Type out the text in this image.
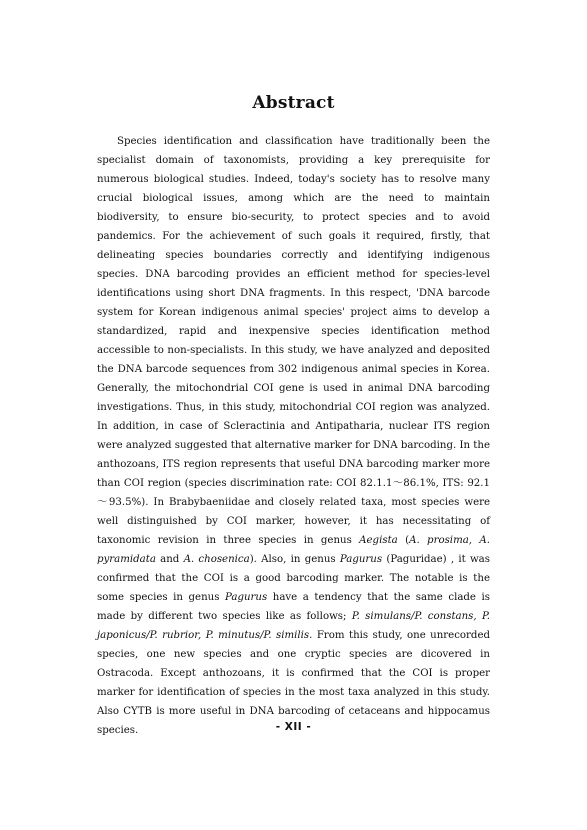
Abstract

Species identification and classification have traditionally been the specialist domain of taxonomists, providing a key prerequisite for numerous biological studies. Indeed, today's society has to resolve many crucial biological issues, among which are the need to maintain biodiversity, to ensure bio-security, to protect species and to avoid pandemics. For the achievement of such goals it required, firstly, that delineating species boundaries correctly and identifying indigenous species. DNA barcoding provides an efficient method for species-level identifications using short DNA fragments. In this respect, 'DNA barcode system for Korean indigenous animal species' project aims to develop a standardized, rapid and inexpensive species identification method accessible to non-specialists. In this study, we have analyzed and deposited the DNA barcode sequences from 302 indigenous animal species in Korea. Generally, the mitochondrial COI gene is used in animal DNA barcoding investigations. Thus, in this study, mitochondrial COI region was analyzed. In addition, in case of Scleractinia and Antipatharia, nuclear ITS region were analyzed suggested that alternative marker for DNA barcoding. In the anthozoans, ITS region represents that useful DNA barcoding marker more than COI region (species discrimination rate: COI 82.1.1～86.1%, ITS: 92.1～93.5%). In Brabybaeniidae and closely related taxa, most species were well distinguished by COI marker, however, it has necessitating of taxonomic revision in three species in genus Aegista (A. prosima, A. pyramidata and A. chosenica). Also, in genus Pagurus (Paguridae) , it was confirmed that the COI is a good barcoding marker. The notable is the some species in genus Pagurus have a tendency that the same clade is made by different two species like as follows; P. simulans/P. constans, P. japonicus/P. rubrior, P. minutus/P. similis. From this study, one unrecorded species, one new species and one cryptic species are dicovered in Ostracoda. Except anthozoans, it is confirmed that the COI is proper marker for identification of species in the most taxa analyzed in this study. Also CYTB is more useful in DNA barcoding of cetaceans and hippocamus species.	- XII -
